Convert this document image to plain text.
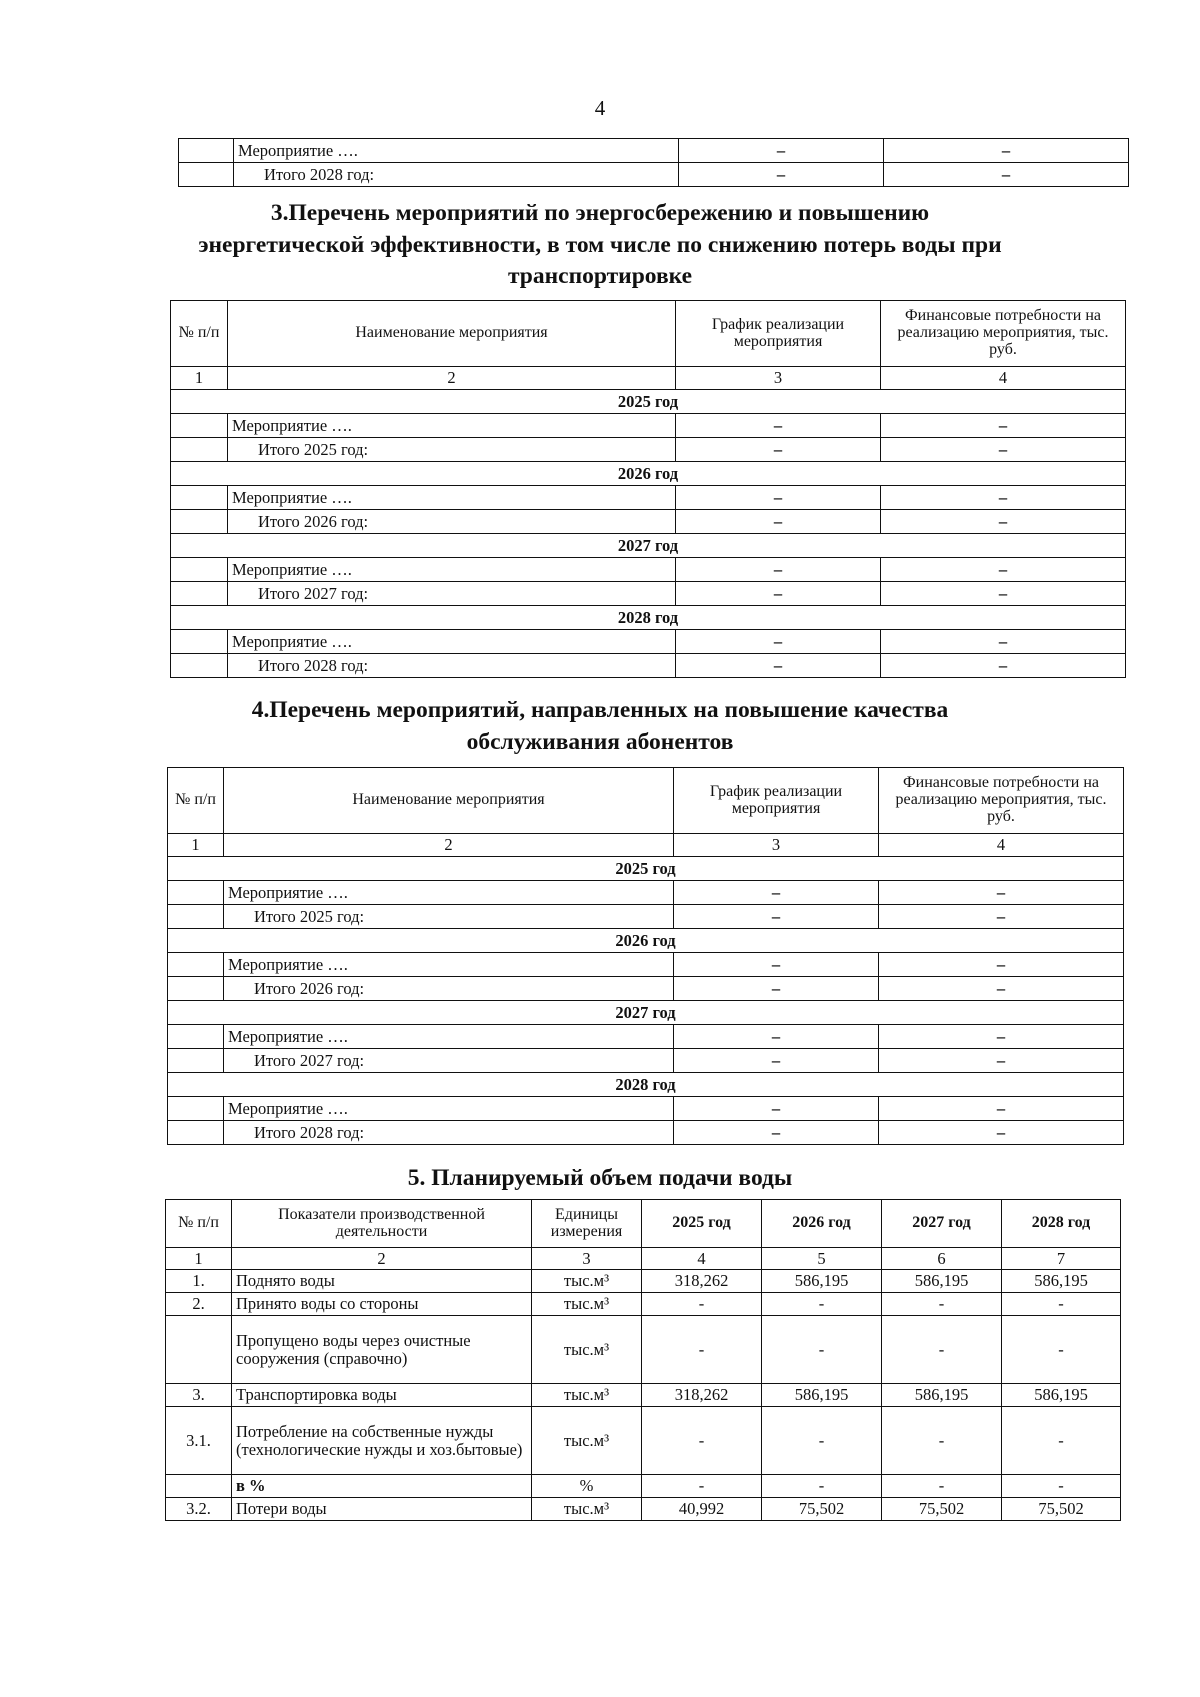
4
	Мероприятие ….	–	–
	Итого 2028 год:	–	–
3.Перечень мероприятий по энергосбережению и повышению
энергетической эффективности, в том числе по снижению потерь воды при
транспортировке
№ п/п	Наименование мероприятия	График реализации мероприятия	Финансовые потребности на реализацию мероприятия, тыс. руб.
1	2	3	4
2025 год			
	Мероприятие ….	–	–
	Итого 2025 год:	–	–
2026 год			
	Мероприятие ….	–	–
	Итого 2026 год:	–	–
2027 год			
	Мероприятие ….	–	–
	Итого 2027 год:	–	–
2028 год			
	Мероприятие ….	–	–
	Итого 2028 год:	–	–
4.Перечень мероприятий, направленных на повышение качества
обслуживания абонентов
№ п/п	Наименование мероприятия	График реализации мероприятия	Финансовые потребности на реализацию мероприятия, тыс. руб.
1	2	3	4
2025 год			
	Мероприятие ….	–	–
	Итого 2025 год:	–	–
2026 год			
	Мероприятие ….	–	–
	Итого 2026 год:	–	–
2027 год			
	Мероприятие ….	–	–
	Итого 2027 год:	–	–
2028 год			
	Мероприятие ….	–	–
	Итого 2028 год:	–	–
5. Планируемый объем подачи воды
№ п/п	Показатели производственной деятельности	Единицы измерения	2025 год	2026 год	2027 год	2028 год
1	2	3	4	5	6	7
1.	Поднято воды	тыс.м³	318,262	586,195	586,195	586,195
2.	Принято воды со стороны	тыс.м³	-	-	-	-
	Пропущено воды через очистные сооружения (справочно)	тыс.м³	-	-	-	-
3.	Транспортировка воды	тыс.м³	318,262	586,195	586,195	586,195
3.1.	Потребление на собственные нужды (технологические нужды и хоз.бытовые)	тыс.м³	-	-	-	-
	в %	%	-	-	-	-
3.2.	Потери воды	тыс.м³	40,992	75,502	75,502	75,502
